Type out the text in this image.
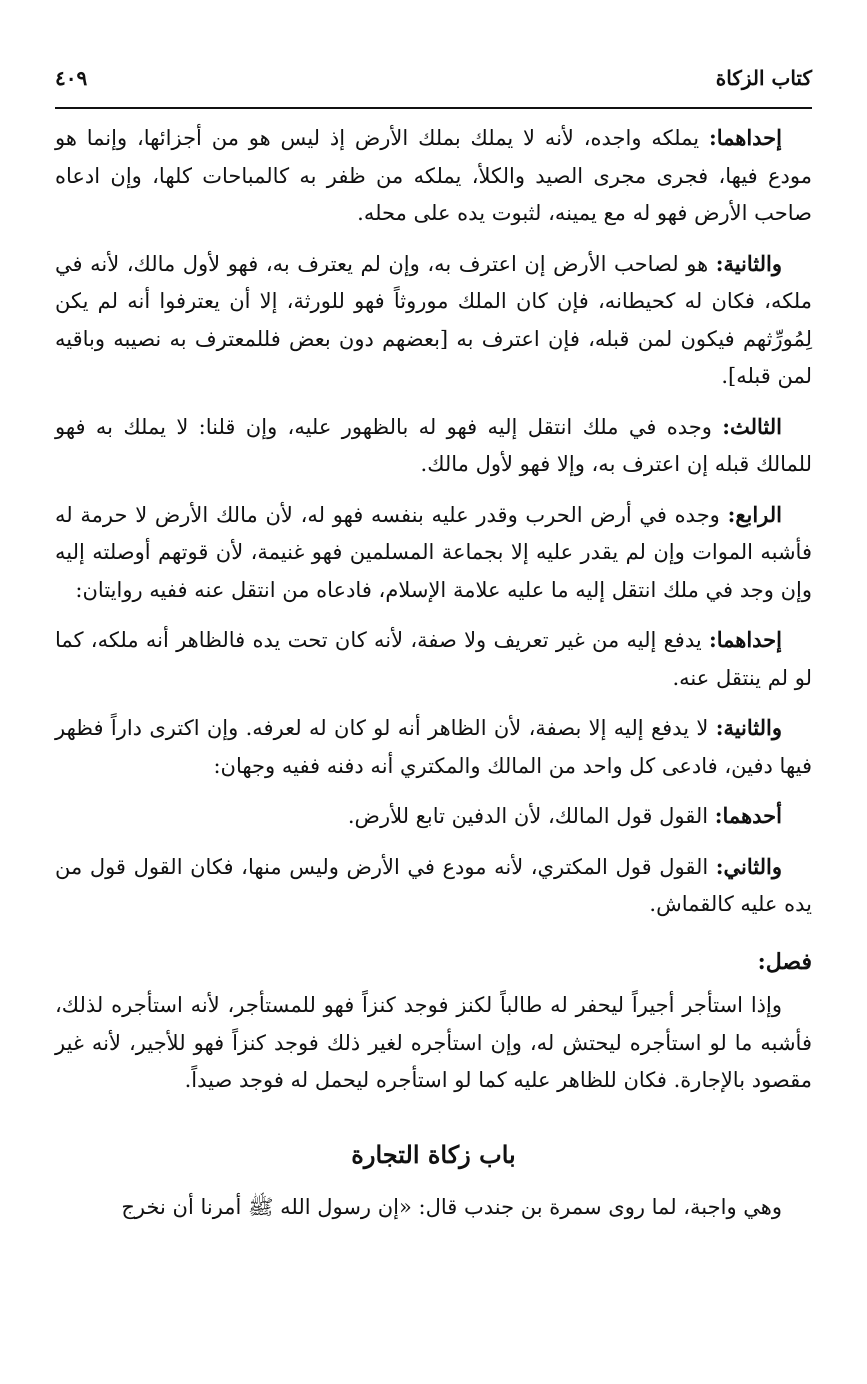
كتاب الزكاة
٤٠٩

إحداهما: يملكه واجده، لأنه لا يملك بملك الأرض إذ ليس هو من أجزائها، وإنما هو مودع فيها، فجرى مجرى الصيد والكلأ، يملكه من ظفر به كالمباحات كلها، وإن ادعاه صاحب الأرض فهو له مع يمينه، لثبوت يده على محله.

والثانية: هو لصاحب الأرض إن اعترف به، وإن لم يعترف به، فهو لأول مالك، لأنه في ملكه، فكان له كحيطانه، فإن كان الملك موروثاً فهو للورثة، إلا أن يعترفوا أنه لم يكن لِمُورِّثهم فيكون لمن قبله، فإن اعترف به [بعضهم دون بعض فللمعترف به نصيبه وباقيه لمن قبله].

الثالث: وجده في ملك انتقل إليه فهو له بالظهور عليه، وإن قلنا: لا يملك به فهو للمالك قبله إن اعترف به، وإلا فهو لأول مالك.

الرابع: وجده في أرض الحرب وقدر عليه بنفسه فهو له، لأن مالك الأرض لا حرمة له فأشبه الموات وإن لم يقدر عليه إلا بجماعة المسلمين فهو غنيمة، لأن قوتهم أوصلته إليه وإن وجد في ملك انتقل إليه ما عليه علامة الإسلام، فادعاه من انتقل عنه ففيه روايتان:

إحداهما: يدفع إليه من غير تعريف ولا صفة، لأنه كان تحت يده فالظاهر أنه ملكه، كما لو لم ينتقل عنه.

والثانية: لا يدفع إليه إلا بصفة، لأن الظاهر أنه لو كان له لعرفه. وإن اكترى داراً فظهر فيها دفين، فادعى كل واحد من المالك والمكتري أنه دفنه ففيه وجهان:

أحدهما: القول قول المالك، لأن الدفين تابع للأرض.

والثاني: القول قول المكتري، لأنه مودع في الأرض وليس منها، فكان القول قول من يده عليه كالقماش.

فصل:

وإذا استأجر أجيراً ليحفر له طالباً لكنز فوجد كنزاً فهو للمستأجر، لأنه استأجره لذلك، فأشبه ما لو استأجره ليحتش له، وإن استأجره لغير ذلك فوجد كنزاً فهو للأجير، لأنه غير مقصود بالإجارة. فكان للظاهر عليه كما لو استأجره ليحمل له فوجد صيداً.

باب زكاة التجارة

وهي واجبة، لما روى سمرة بن جندب قال: «إن رسول الله ﷺ أمرنا أن نخرج
